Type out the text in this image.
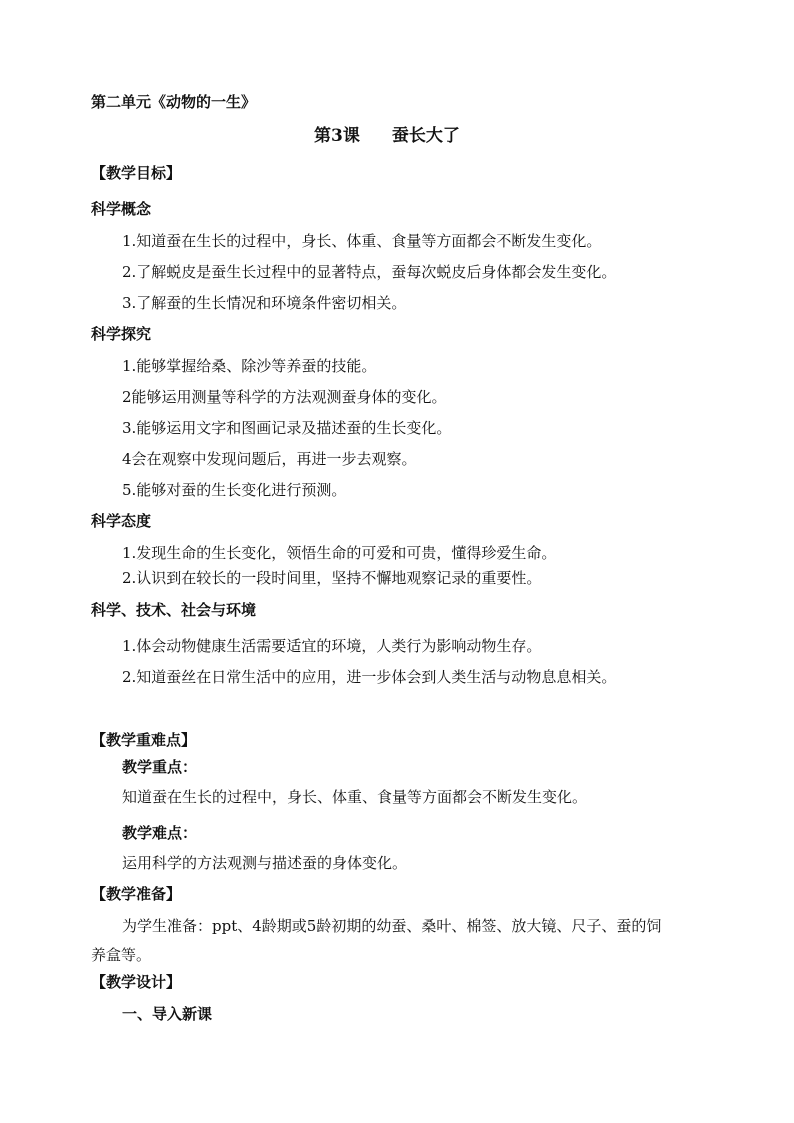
第二单元《动物的一生》
第3课 蚕长大了
【教学目标】
科学概念
1.知道蚕在生长的过程中，身长、体重、食量等方面都会不断发生变化。
2.了解蜕皮是蚕生长过程中的显著特点，蚕每次蜕皮后身体都会发生变化。
3.了解蚕的生长情况和环境条件密切相关。
科学探究
1.能够掌握给桑、除沙等养蚕的技能。
2能够运用测量等科学的方法观测蚕身体的变化。
3.能够运用文字和图画记录及描述蚕的生长变化。
4会在观察中发现问题后，再进一步去观察。
5.能够对蚕的生长变化进行预测。
科学态度
1.发现生命的生长变化，领悟生命的可爱和可贵，懂得珍爱生命。
2.认识到在较长的一段时间里，坚持不懈地观察记录的重要性。
科学、技术、社会与环境
1.体会动物健康生活需要适宜的环境，人类行为影响动物生存。
2.知道蚕丝在日常生活中的应用，进一步体会到人类生活与动物息息相关。
【教学重难点】
教学重点：
知道蚕在生长的过程中，身长、体重、食量等方面都会不断发生变化。
教学难点：
运用科学的方法观测与描述蚕的身体变化。
【教学准备】
为学生准备：ppt、4龄期或5龄初期的幼蚕、桑叶、棉签、放大镜、尺子、蚕的饲
养盒等。
【教学设计】
一、导入新课
